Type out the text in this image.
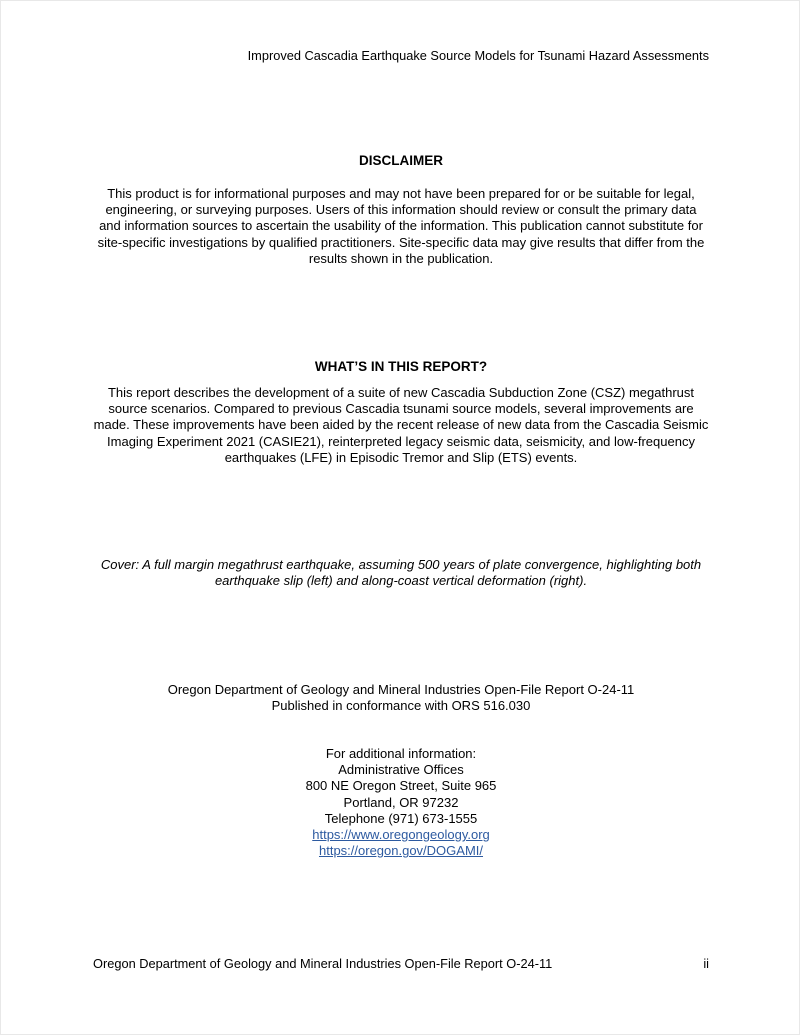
Improved Cascadia Earthquake Source Models for Tsunami Hazard Assessments
DISCLAIMER

This product is for informational purposes and may not have been prepared for or be suitable for legal, engineering, or surveying purposes. Users of this information should review or consult the primary data and information sources to ascertain the usability of the information. This publication cannot substitute for site-specific investigations by qualified practitioners. Site-specific data may give results that differ from the results shown in the publication.

WHAT’S IN THIS REPORT?

This report describes the development of a suite of new Cascadia Subduction Zone (CSZ) megathrust source scenarios. Compared to previous Cascadia tsunami source models, several improvements are made. These improvements have been aided by the recent release of new data from the Cascadia Seismic Imaging Experiment 2021 (CASIE21), reinterpreted legacy seismic data, seismicity, and low-frequency earthquakes (LFE) in Episodic Tremor and Slip (ETS) events.

Cover: A full margin megathrust earthquake, assuming 500 years of plate convergence, highlighting both earthquake slip (left) and along-coast vertical deformation (right).

Oregon Department of Geology and Mineral Industries Open-File Report O-24-11
Published in conformance with ORS 516.030
For additional information:
Administrative Offices
800 NE Oregon Street, Suite 965
Portland, OR 97232
Telephone (971) 673-1555
https://www.oregongeology.org
https://oregon.gov/DOGAMI/
Oregon Department of Geology and Mineral Industries Open-File Report O-24-11	ii
